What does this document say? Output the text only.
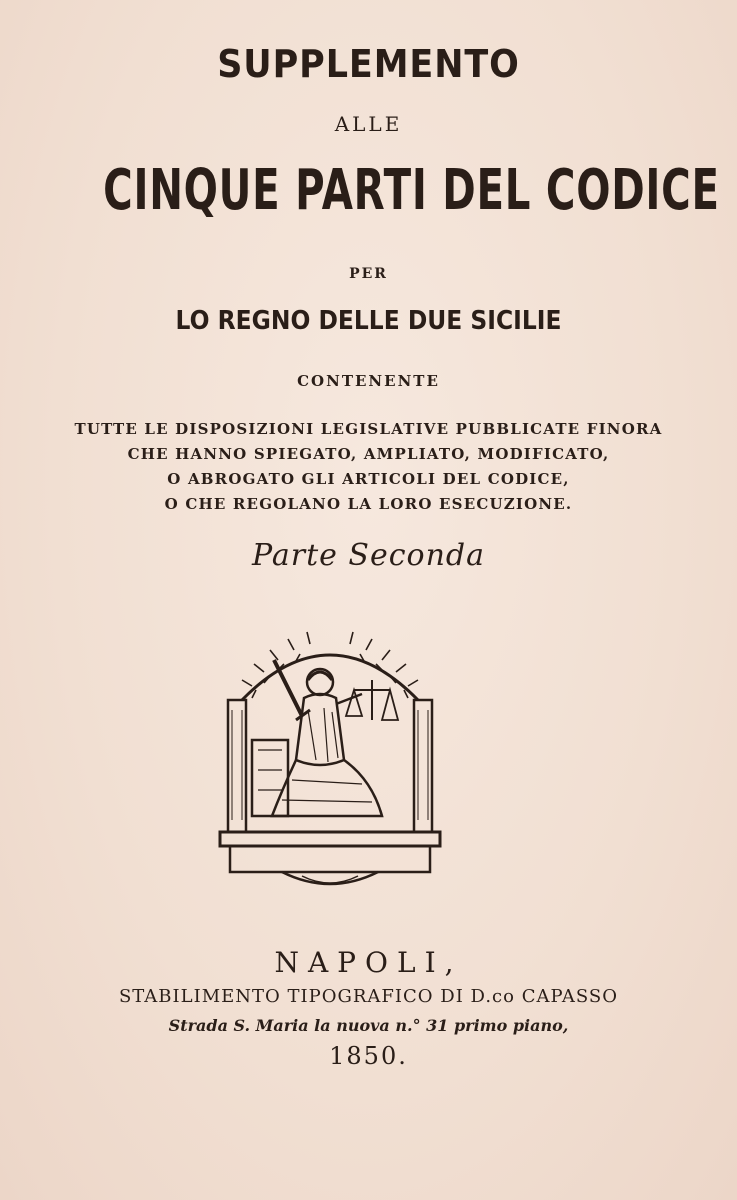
SUPPLEMENTO
ALLE
CINQUE PARTI DEL CODICE
PER
LO REGNO DELLE DUE SICILIE
CONTENENTE
TUTTE LE DISPOSIZIONI LEGISLATIVE PUBBLICATE FINORA
CHE HANNO SPIEGATO, AMPLIATO, MODIFICATO,
O ABROGATO GLI ARTICOLI DEL CODICE,
O CHE REGOLANO LA LORO ESECUZIONE.
Parte Seconda
NAPOLI,
STABILIMENTO TIPOGRAFICO DI D.co CAPASSO
Strada S. Maria la nuova n.° 31 primo piano,
1850.
